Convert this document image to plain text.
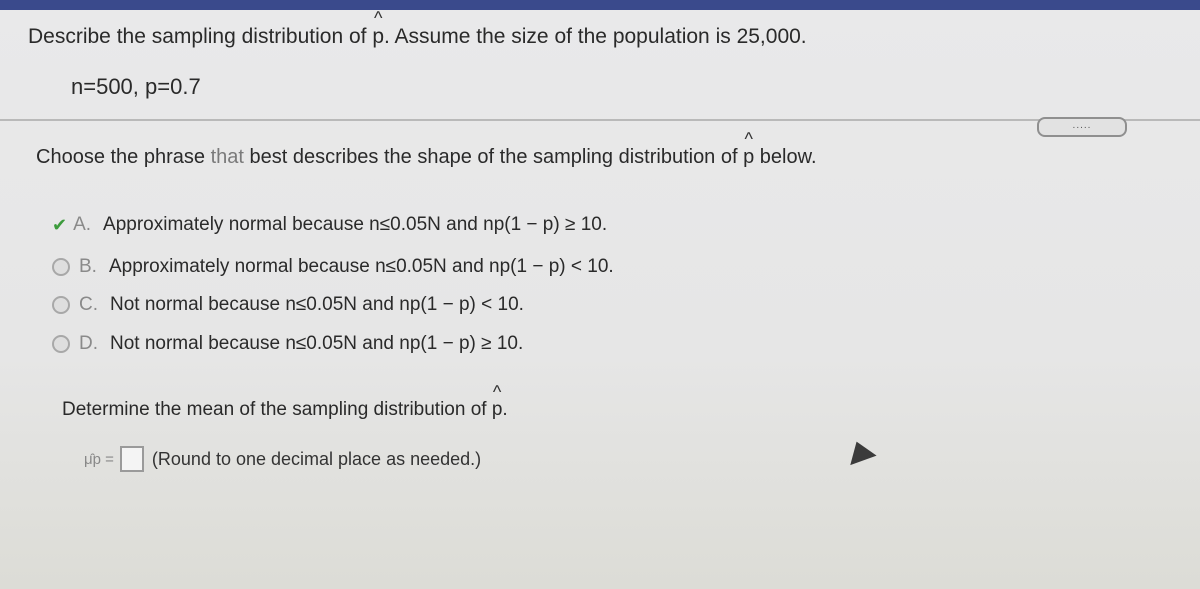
Describe the sampling distribution of ^ p. Assume the size of the population is 25,000.
n=500, p=0.7
.....
Choose the phrase that best describes the shape of the sampling distribution of ^ p below.
✔ A. Approximately normal because n≤0.05N and np(1 − p) ≥ 10.
B. Approximately normal because n≤0.05N and np(1 − p) < 10.
C. Not normal because n≤0.05N and np(1 − p) < 10.
D. Not normal because n≤0.05N and np(1 − p) ≥ 10.
Determine the mean of the sampling distribution of ^ p.
μ̂p = (Round to one decimal place as needed.)
